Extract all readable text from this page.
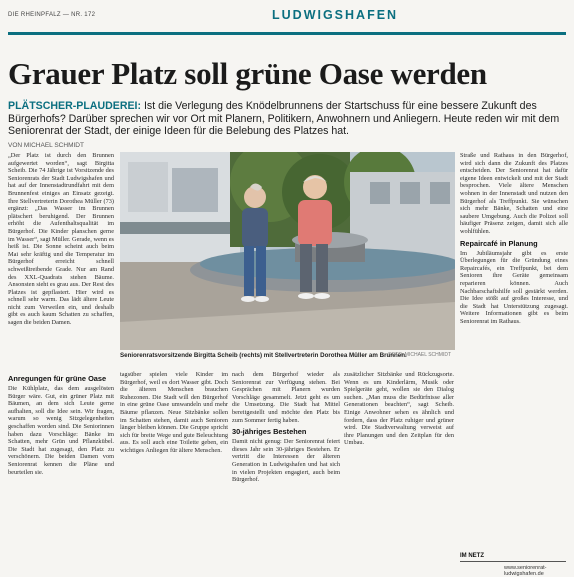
DIE RHEINPFALZ — NR. 172	LUDWIGSHAFEN
Grauer Platz soll grüne Oase werden
PLÄTSCHER-PLAUDEREI: Ist die Verlegung des Knödelbrunnens der Startschuss für eine bessere Zukunft des Bürgerhofs? Darüber sprechen wir vor Ort mit Planern, Politikern, Anwohnern und Anliegern. Heute reden wir mit dem Seniorenrat der Stadt, der einige Ideen für die Belebung des Platzes hat.
VON MICHAEL SCHMIDT

„Der Platz ist durch den Brunnen aufgewertet worden“, sagt Birgitta Scheib. Die 74 Jährige ist Vorsitzende des Seniorenrats der Stadt Ludwigshafen und hat auf der Innenstadtrundfahrt mit dem Brunnenfest einiges an Einsatz gezeigt. Ihre Stellvertreterin Dorothea Müller (73) ergänzt: „Das Wasser im Brunnen plätschert beruhigend. Der Brunnen erhöht die Aufenthaltsqualität im Bürgerhof. Die Kinder planschen gerne im Wasser“, sagt Müller. Gerade, wenn es heiß ist. Die Sonne scheint auch beim Mai sehr kräftig und die Temperatur im Bürgerhof erreicht schnell schweißtreibende Grade. Nur am Rand des XXL-Quadrats stehen Bäume. Ansonsten sieht es grau aus. Der Rest des Platzes ist gepflastert. Hier wird es schnell sehr warm. Das lädt ältere Leute nicht zum Verweilen ein, und deshalb gibt es auch kaum Schatten zu schaffen, sagen die beiden Damen.

Seniorenratsvorsitzende Birgitta Scheib (rechts) mit Stellvertreterin Dorothea Müller am Brunnen.
FOTO: MICHAEL SCHMIDT
Anregungen für grüne Oase

Die Kühlplatz, das dem ausgelösten Bürger wäre. Gut, ein grüner Platz mit Bäumen, an dem sich Leute gerne aufhalten, soll die Idee sein. Wir fragen, warum so wenig Sitzgelegenheiten geschaffen worden sind. Die Seniorinnen haben dazu Vorschläge: Bänke im Schatten, mehr Grün und Pflanzkübel. Die Stadt hat zugesagt, den Platz zu verschönern. Die beiden Damen vom Seniorenrat kennen die Pläne und beurteilen sie.

tagsüber spielen viele Kinder im Bürgerhof, weil es dort Wasser gibt. Doch die älteren Menschen brauchen Ruhezonen. Die Stadt will den Bürgerhof in eine grüne Oase umwandeln und mehr Bäume pflanzen. Neue Sitzbänke sollen im Schatten stehen, damit auch Senioren länger bleiben können. Die Gruppe spricht sich für breite Wege und gute Beleuchtung aus. Es soll auch eine Toilette geben, ein wichtiges Anliegen für ältere Menschen.

nach dem Bürgerhof wieder als Seniorenrat zur Verfügung stehen. Bei Gesprächen mit Planern wurden Vorschläge gesammelt. Jetzt geht es um die Umsetzung. Die Stadt hat Mittel bereitgestellt und möchte den Platz bis zum Sommer fertig haben.

30-jähriges Bestehen

Damit nicht genug: Der Seniorenrat feiert dieses Jahr sein 30-jähriges Bestehen. Er vertritt die Interessen der älteren Generation in Ludwigshafen und hat sich in vielen Projekten engagiert, auch beim Bürgerhof.

zusätzlicher Sitzbänke und Rückzugsorte. Wenn es um Kinderlärm, Musik oder Spielgeräte geht, wollen sie den Dialog suchen. „Man muss die Bedürfnisse aller Generationen beachten“, sagt Scheib. Einige Anwohner sehen es ähnlich und fordern, dass der Platz ruhiger und grüner wird. Die Stadtverwaltung verweist auf ihre Planungen und den Zeitplan für den Umbau.

Straße und Rathaus in den Bürgerhof, wird sich dann die Zukunft des Platzes entscheiden. Der Seniorenrat hat dafür eigene Ideen entwickelt und mit der Stadt besprochen. Viele ältere Menschen wohnen in der Innenstadt und nutzen den Bürgerhof als Treffpunkt. Sie wünschen sich mehr Bänke, Schatten und eine saubere Umgebung. Auch die Polizei soll häufiger Präsenz zeigen, damit sich alle wohlfühlen.

Repaircafé in Planung

Im Jubiläumsjahr gibt es erste Überlegungen für die Gründung eines Repaircafés, ein Treffpunkt, bei dem Senioren ihre Geräte gemeinsam reparieren können. Auch Nachbarschaftshilfe soll gestärkt werden. Die Idee stößt auf großes Interesse, und die Stadt hat Unterstützung zugesagt. Weitere Informationen gibt es beim Seniorenrat im Rathaus.

IM NETZ
www.seniorenrat-ludwigshafen.de
